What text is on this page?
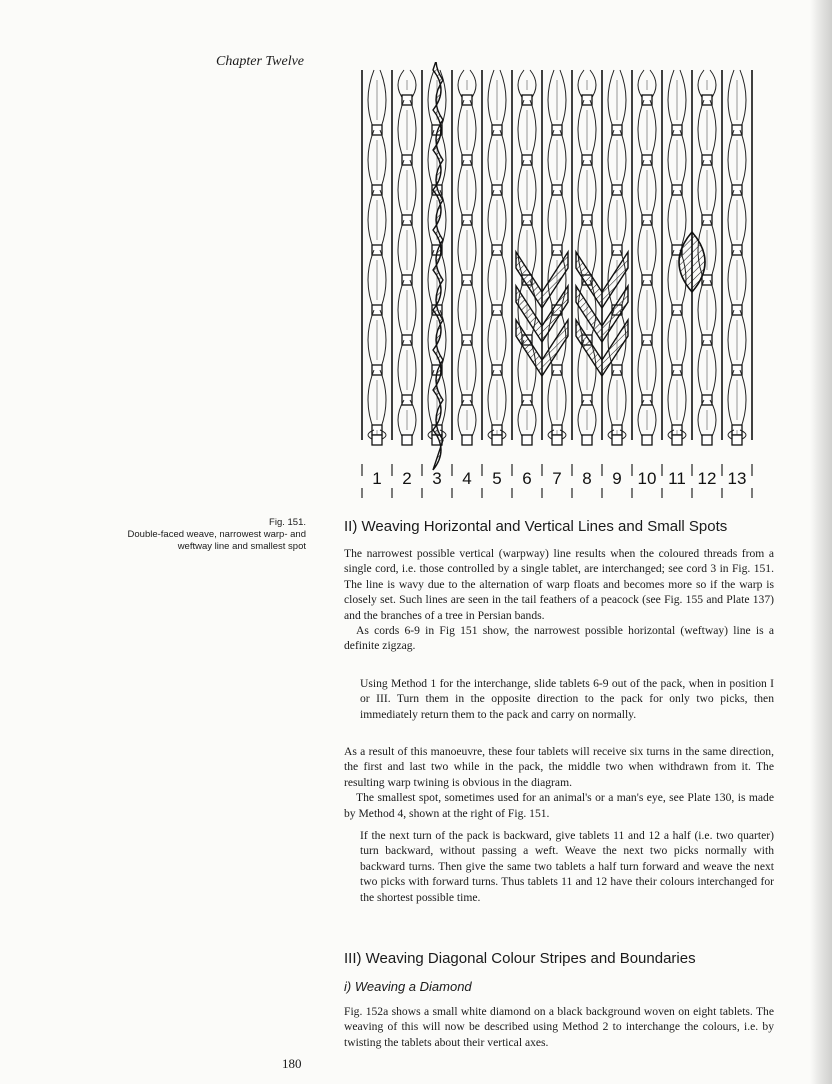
Chapter Twelve
1 2 3 4 5 6 7 8 9 10 11 12 13
Fig. 151.
Double-faced weave, narrowest warp- and weftway line and smallest spot
II) Weaving Horizontal and Vertical Lines and Small Spots

The narrowest possible vertical (warpway) line results when the coloured threads from a single cord, i.e. those controlled by a single tablet, are interchanged; see cord 3 in Fig. 151. The line is wavy due to the alternation of warp floats and becomes more so if the warp is closely set. Such lines are seen in the tail feathers of a peacock (see Fig. 155 and Plate 137) and the branches of a tree in Persian bands.

As cords 6-9 in Fig 151 show, the narrowest possible horizontal (weftway) line is a definite zigzag.

Using Method 1 for the interchange, slide tablets 6-9 out of the pack, when in position I or III. Turn them in the opposite direction to the pack for only two picks, then immediately return them to the pack and carry on normally.

As a result of this manoeuvre, these four tablets will receive six turns in the same direction, the first and last two while in the pack, the middle two when withdrawn from it. The resulting warp twining is obvious in the diagram.

The smallest spot, sometimes used for an animal's or a man's eye, see Plate 130, is made by Method 4, shown at the right of Fig. 151.

If the next turn of the pack is backward, give tablets 11 and 12 a half (i.e. two quarter) turn backward, without passing a weft. Weave the next two picks normally with backward turns. Then give the same two tablets a half turn forward and weave the next two picks with forward turns. Thus tablets 11 and 12 have their colours interchanged for the shortest possible time.

III) Weaving Diagonal Colour Stripes and Boundaries
i) Weaving a Diamond

Fig. 152a shows a small white diamond on a black background woven on eight tablets. The weaving of this will now be described using Method 2 to interchange the colours, i.e. by twisting the tablets about their vertical axes.

180
